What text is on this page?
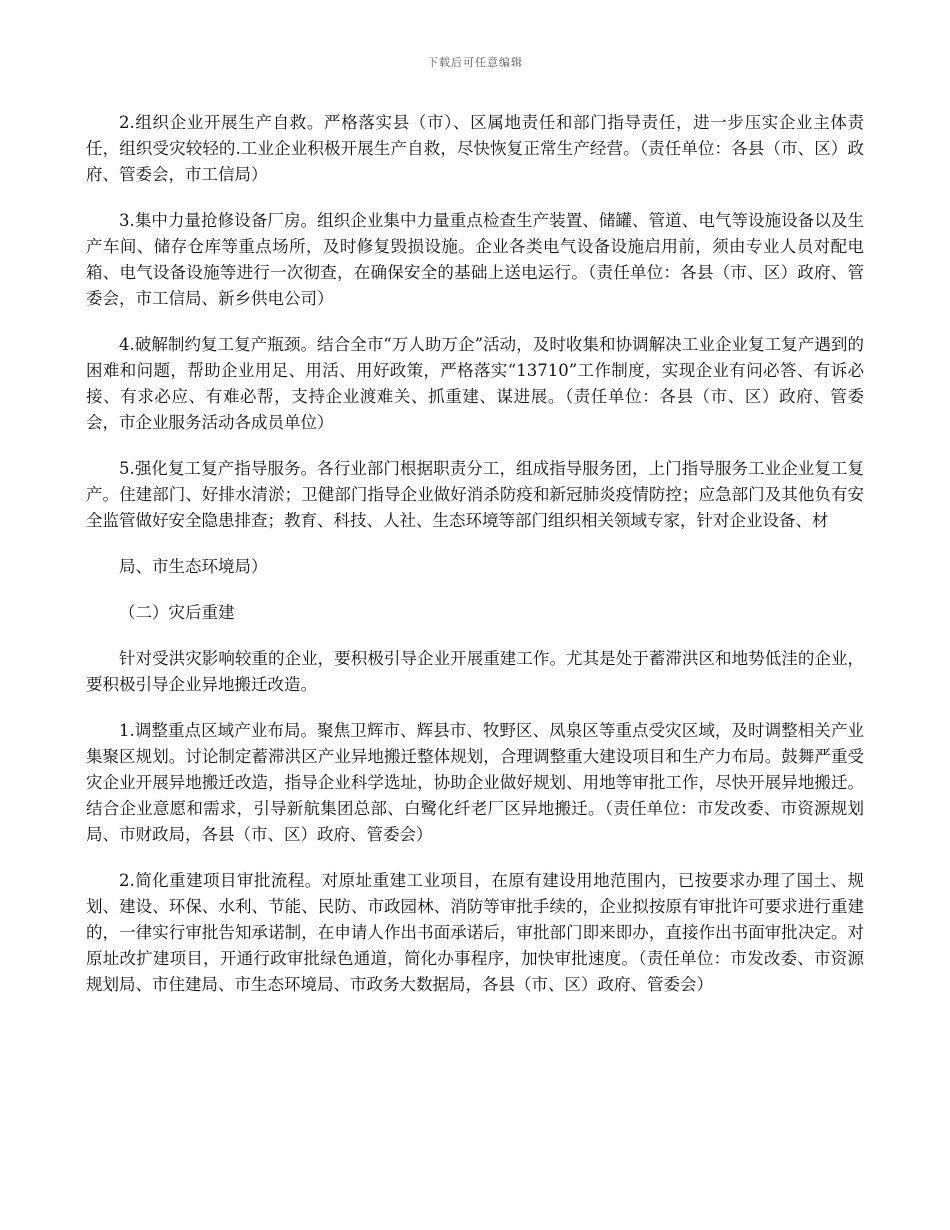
下载后可任意编辑

2.组织企业开展生产自救。严格落实县（市）、区属地责任和部门指导责任，进一步压实企业主体责任，组织受灾较轻的.工业企业积极开展生产自救，尽快恢复正常生产经营。（责任单位：各县（市、区）政府、管委会，市工信局）

3.集中力量抢修设备厂房。组织企业集中力量重点检查生产装置、储罐、管道、电气等设施设备以及生产车间、储存仓库等重点场所，及时修复毁损设施。企业各类电气设备设施启用前，须由专业人员对配电箱、电气设备设施等进行一次彻查，在确保安全的基础上送电运行。（责任单位：各县（市、区）政府、管委会，市工信局、新乡供电公司）

4.破解制约复工复产瓶颈。结合全市“万人助万企”活动，及时收集和协调解决工业企业复工复产遇到的困难和问题，帮助企业用足、用活、用好政策，严格落实“13710”工作制度，实现企业有问必答、有诉必接、有求必应、有难必帮，支持企业渡难关、抓重建、谋进展。（责任单位：各县（市、区）政府、管委会，市企业服务活动各成员单位）

5.强化复工复产指导服务。各行业部门根据职责分工，组成指导服务团，上门指导服务工业企业复工复产。住建部门、好排水清淤；卫健部门指导企业做好消杀防疫和新冠肺炎疫情防控；应急部门及其他负有安全监管做好安全隐患排查；教育、科技、人社、生态环境等部门组织相关领域专家，针对企业设备、材

局、市生态环境局）

（二）灾后重建

针对受洪灾影响较重的企业，要积极引导企业开展重建工作。尤其是处于蓄滞洪区和地势低洼的企业，要积极引导企业异地搬迁改造。

1.调整重点区域产业布局。聚焦卫辉市、辉县市、牧野区、凤泉区等重点受灾区域，及时调整相关产业集聚区规划。讨论制定蓄滞洪区产业异地搬迁整体规划，合理调整重大建设项目和生产力布局。鼓舞严重受灾企业开展异地搬迁改造，指导企业科学选址，协助企业做好规划、用地等审批工作，尽快开展异地搬迁。结合企业意愿和需求，引导新航集团总部、白鹭化纤老厂区异地搬迁。（责任单位：市发改委、市资源规划局、市财政局，各县（市、区）政府、管委会）

2.简化重建项目审批流程。对原址重建工业项目，在原有建设用地范围内，已按要求办理了国土、规划、建设、环保、水利、节能、民防、市政园林、消防等审批手续的，企业拟按原有审批许可要求进行重建的，一律实行审批告知承诺制，在申请人作出书面承诺后，审批部门即来即办，直接作出书面审批决定。对原址改扩建项目，开通行政审批绿色通道，简化办事程序，加快审批速度。（责任单位：市发改委、市资源规划局、市住建局、市生态环境局、市政务大数据局，各县（市、区）政府、管委会）
